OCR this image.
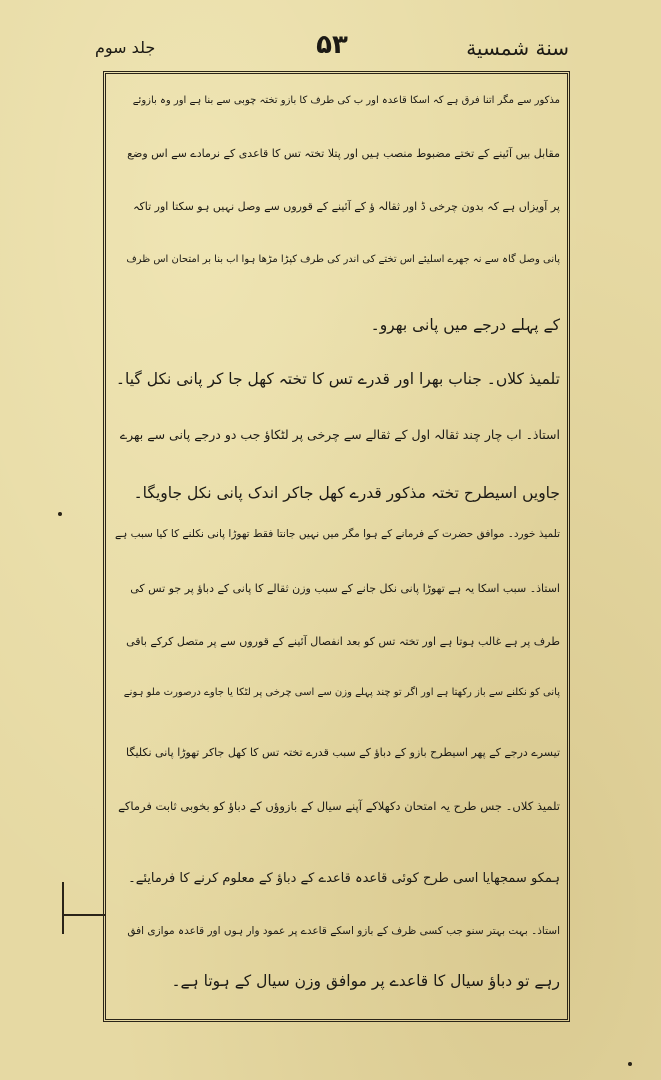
سنة شمسية
۵۳
جلد سوم
مذکور سے مگر اتنا فرق ہے کہ اسکا قاعدہ اور ب کی طرف کا بازو تختہ چوبی سے بنا ہے اور وہ بازوئے
مقابل بیں آئینے کے تختے مضبوط منصب ہیں اور پتلا تختہ تس کا قاعدی کے نرمادے سے اس وضع
پر آویزاں ہے کہ بدون چرخی ڈ اور ثقالہ ؤ کے آئینے کے قوروں سے وصل نہیں ہو سکتا اور تاکہ
پانی وصل گاہ سے نہ جھرے اسلیئے اس تختے کی اندر کی طرف کپڑا مڑھا ہوا اب بنا بر امتحان اس ظرف
کے پہلے درجے میں پانی بھرو۔
تلمیذ کلاں۔ جناب بھرا اور قدرے تس کا تختہ کھل جا کر پانی نکل گیا۔
استاذ۔ اب چار چند ثقالہ اول کے ثقالے سے چرخی پر لٹکاؤ جب دو درجے پانی سے بھرے
جاویں اسیطرح تختہ مذکور قدرے کھل جاکر اندک پانی نکل جاویگا۔
تلمیذ خورد۔ موافق حضرت کے فرمانے کے ہوا مگر میں نہیں جانتا فقط تھوڑا پانی نکلنے کا کیا سبب ہے
استاذ۔ سبب اسکا یہ ہے تھوڑا پانی نکل جانے کے سبب وزن ثقالے کا پانی کے دباؤ پر جو تس کی
طرف پر ہے غالب ہوتا ہے اور تختہ تس کو بعد انفصال آئینے کے قوروں سے پر متصل کرکے باقی
پانی کو نکلنے سے باز رکھتا ہے اور اگر تو چند پہلے وزن سے اسی چرخی پر لٹکا یا جاوے درصورت ملو ہونے
تیسرے درجے کے پھر اسیطرح بازو کے دباؤ کے سبب قدرے تختہ تس کا کھل جاکر تھوڑا پانی نکلیگا
تلمیذ کلاں۔ جس طرح یہ امتحان دکھلاکے آپنے سیال کے بازوؤں کے دباؤ کو بخوبی ثابت فرماکے
ہمکو سمجھایا اسی طرح کوئی قاعدہ قاعدے کے دباؤ کے معلوم کرنے کا فرمایئے۔
استاذ۔ بہت بہتر سنو جب کسی ظرف کے بازو اسکے قاعدے پر عمود وار ہوں اور قاعدہ موازی افق
رہے تو دباؤ سیال کا قاعدے پر موافق وزن سیال کے ہوتا ہے۔
